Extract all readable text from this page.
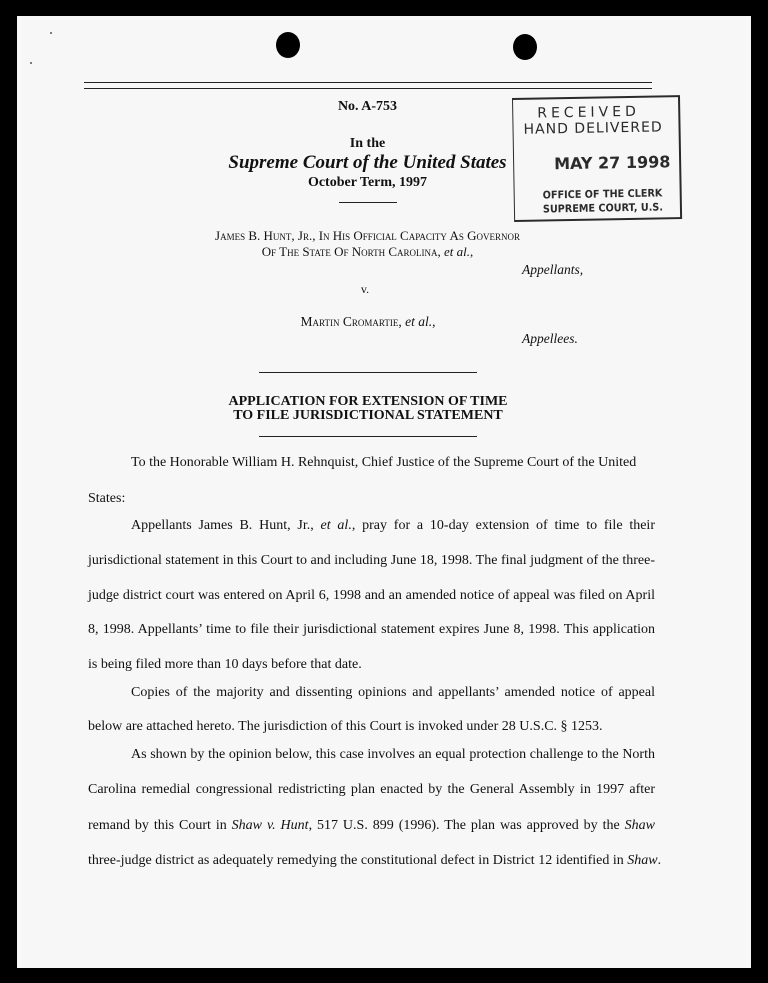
No. A-753
In the
Supreme Court of the United States
October Term, 1997
RECEIVED
HAND DELIVERED
MAY 27 1998
OFFICE OF THE CLERK
SUPREME COURT, U.S.
James B. Hunt, Jr., In His Official Capacity As Governor
Of The State Of North Carolina, et al.,
Appellants,
v.
Martin Cromartie, et al.,
Appellees.
APPLICATION FOR EXTENSION OF TIME
TO FILE JURISDICTIONAL STATEMENT
To the Honorable William H. Rehnquist, Chief Justice of the Supreme Court of the United
States:
Appellants James B. Hunt, Jr., et al., pray for a 10-day extension of time to file their
jurisdictional statement in this Court to and including June 18, 1998. The final judgment of the three-
judge district court was entered on April 6, 1998 and an amended notice of appeal was filed on April
8, 1998. Appellants’ time to file their jurisdictional statement expires June 8, 1998. This application
is being filed more than 10 days before that date.
Copies of the majority and dissenting opinions and appellants’ amended notice of appeal
below are attached hereto. The jurisdiction of this Court is invoked under 28 U.S.C. § 1253.
As shown by the opinion below, this case involves an equal protection challenge to the North
Carolina remedial congressional redistricting plan enacted by the General Assembly in 1997 after
remand by this Court in Shaw v. Hunt, 517 U.S. 899 (1996). The plan was approved by the Shaw
three-judge district as adequately remedying the constitutional defect in District 12 identified in Shaw.
